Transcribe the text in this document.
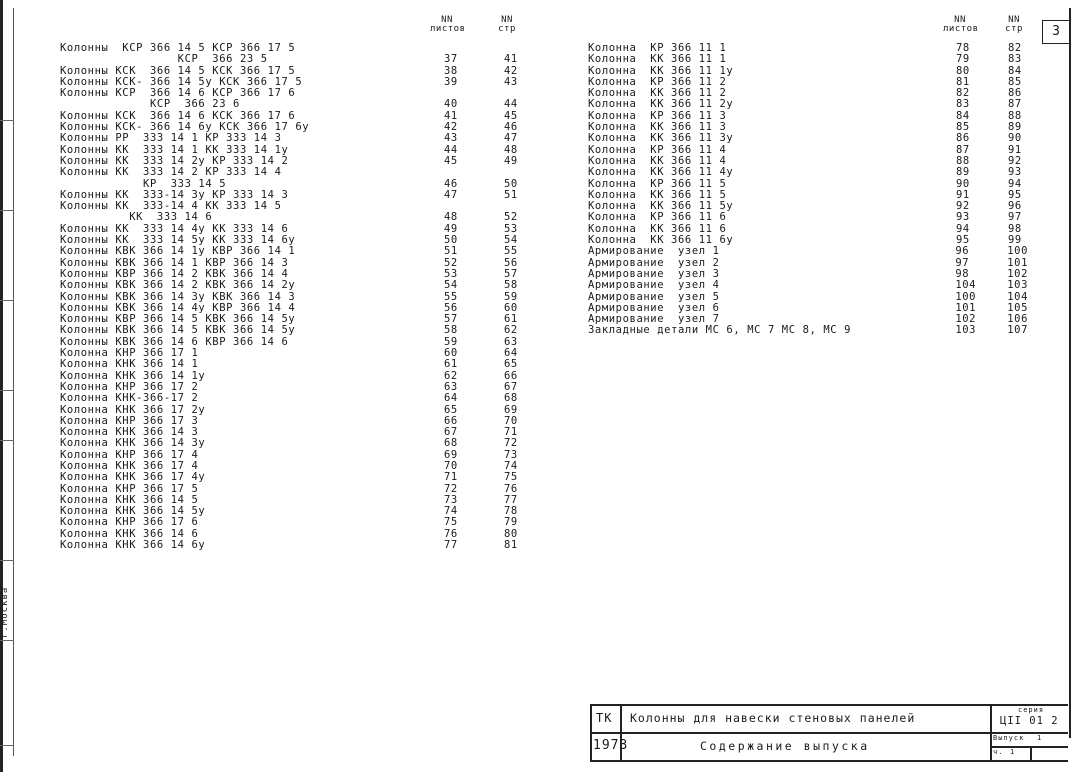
г.Москва
NN листов
NN стр
NN листов
NN стр	3
Колонны  КСР 366 14 5 КСР 366 17 5
КСР  366 23 5	37	41
Колонны КСК  366 14 5 КСК 366 17 5	38	42
Колонны КСК- 366 14 5у КСК 366 17 5	39	43
Колонны КСР  366 14 6 КСР 366 17 6
КСР  366 23 6	40	44
Колонны КСК  366 14 6 КСК 366 17 6	41	45
Колонны КСК- 366 14 6у КСК 366 17 6у	42	46
Колонны РР  333 14 1 КР 333 14 3	43	47
Колонны КК  333 14 1 КК 333 14 1у	44	48
Колонны КК  333 14 2у КР 333 14 2	45	49
Колонны КК  333 14 2 КР 333 14 4
КР  333 14 5	46	50
Колонны КК  333-14 3у КР 333 14 3	47	51
Колонны КК  333-14 4 КК 333 14 5
КК  333 14 6	48	52
Колонны КК  333 14 4у КК 333 14 6	49	53
Колонны КК  333 14 5у КК 333 14 6у	50	54
Колонны КВК 366 14 1у КВР 366 14 1	51	55
Колонны КВК 366 14 1 КВР 366 14 3	52	56
Колонны КВР 366 14 2 КВК 366 14 4	53	57
Колонны КВК 366 14 2 КВК 366 14 2у	54	58
Колонны КВК 366 14 3у КВК 366 14 3	55	59
Колонны КВК 366 14 4у КВР 366 14 4	56	60
Колонны КВР 366 14 5 КВК 366 14 5у	57	61
Колонны КВК 366 14 5 КВК 366 14 5у	58	62
Колонны КВК 366 14 6 КВР 366 14 6	59	63
Колонна КНР 366 17 1	60	64
Колонна КНК 366 14 1	61	65
Колонна КНК 366 14 1у	62	66
Колонна КНР 366 17 2	63	67
Колонна КНК-366-17 2	64	68
Колонна КНК 366 17 2у	65	69
Колонна КНР 366 17 3	66	70
Колонна КНК 366 14 3	67	71
Колонна КНК 366 14 3у	68	72
Колонна КНР 366 17 4	69	73
Колонна КНК 366 17 4	70	74
Колонна КНК 366 17 4у	71	75
Колонна КНР 366 17 5	72	76
Колонна КНК 366 14 5	73	77
Колонна КНК 366 14 5у	74	78
Колонна КНР 366 17 6	75	79
Колонна КНК 366 14 6	76	80
Колонна КНК 366 14 6у	77	81
Колонна  КР 366 11 1	78	82
Колонна  КК 366 11 1	79	83
Колонна  КК 366 11 1у	80	84
Колонна  КР 366 11 2	81	85
Колонна  КК 366 11 2	82	86
Колонна  КК 366 11 2у	83	87
Колонна  КР 366 11 3	84	88
Колонна  КК 366 11 3	85	89
Колонна  КК 366 11 3у	86	90
Колонна  КР 366 11 4	87	91
Колонна  КК 366 11 4	88	92
Колонна  КК 366 11 4у	89	93
Колонна  КР 366 11 5	90	94
Колонна  КК 366 11 5	91	95
Колонна  КК 366 11 5у	92	96
Колонна  КР 366 11 6	93	97
Колонна  КК 366 11 6	94	98
Колонна  КК 366 11 6у	95	99
Армирование  узел 1	96	100
Армирование  узел 2	97	101
Армирование  узел 3	98	102
Армирование  узел 4	104	103
Армирование  узел 5	100	104
Армирование  узел 6	101	105
Армирование  узел 7	102	106
Закладные детали МС 6, МС 7 МС 8, МС 9	103	107
ТК
1973
Колонны для навески стеновых панелей
Содержание выпуска
серия
ЦII 01 2
Выпуск 1
ч. 1
